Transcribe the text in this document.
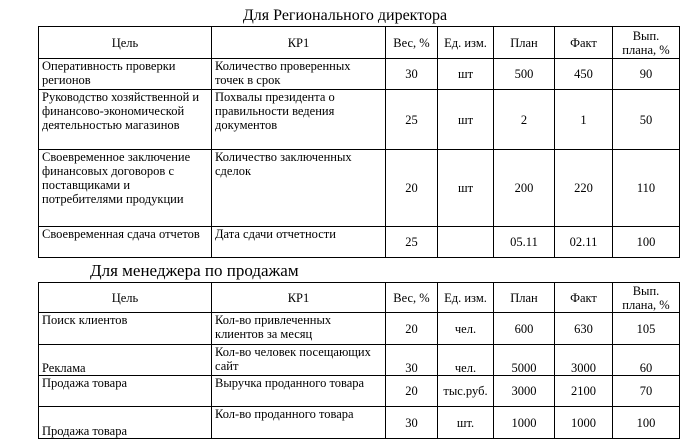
Для Регионального директора
Цель	КР1	Вес, %	Ед. изм.	План	Факт	Вып. плана, %
Оперативность проверки регионов	Количество проверенных точек в срок	30	шт	500	450	90
Руководство хозяйственной и финансово-экономической деятельностью магазинов	Похвалы президента о правильности ведения документов	25	шт	2	1	50
Своевременное заключение финансовых договоров с поставщиками и потребителями продукции	Количество заключенных сделок	20	шт	200	220	110
Своевременная сдача отчетов	Дата сдачи отчетности	25		05.11	02.11	100
Для менеджера по продажам
Цель	КР1	Вес, %	Ед. изм.	План	Факт	Вып. плана, %
Поиск клиентов	Кол-во привлеченных клиентов за месяц	20	чел.	600	630	105
Реклама	Кол-во человек посещающих сайт	30	чел.	5000	3000	60
Продажа товара	Выручка проданного товара	20	тыс.руб.	3000	2100	70
Продажа товара	Кол-во проданного товара	30	шт.	1000	1000	100
